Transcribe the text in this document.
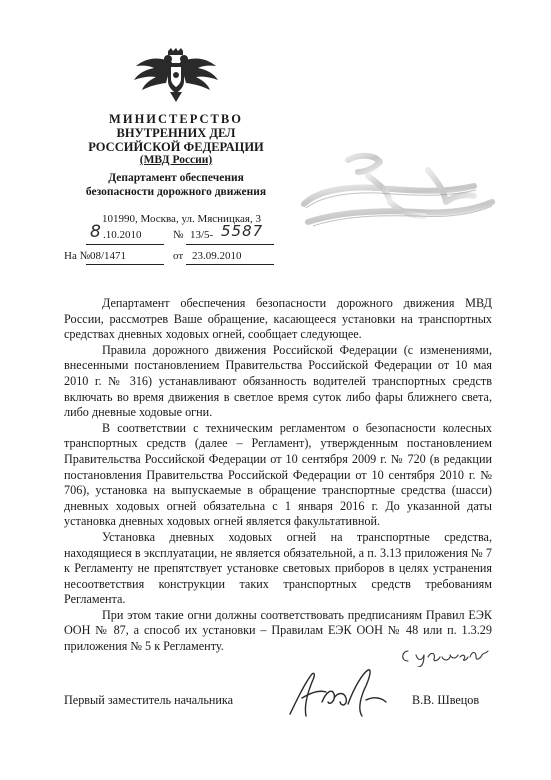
МИНИСТЕРСТВО
ВНУТРЕННИХ ДЕЛ
РОССИЙСКОЙ ФЕДЕРАЦИИ
(МВД России)
Департамент обеспечения
безопасности дорожного движения
101990, Москва, ул. Мясницкая, 3
8 .10.2010	№ 13/5- 5587
На № 08/1471	от 23.09.2010

Департамент обеспечения безопасности дорожного движения МВД России, рассмотрев Ваше обращение, касающееся установки на транспортных средствах дневных ходовых огней, сообщает следующее.

Правила дорожного движения Российской Федерации (с изменениями, внесенными постановлением Правительства Российской Федерации от 10 мая 2010 г. № 316) устанавливают обязанность водителей транспортных средств включать во время движения в светлое время суток либо фары ближнего света, либо дневные ходовые огни.

В соответствии с техническим регламентом о безопасности колесных транспортных средств (далее – Регламент), утвержденным постановлением Правительства Российской Федерации от 10 сентября 2009 г. № 720 (в редакции постановления Правительства Российской Федерации от 10 сентября 2010 г. № 706), установка на выпускаемые в обращение транспортные средства (шасси) дневных ходовых огней обязательна с 1 января 2016 г. До указанной даты установка дневных ходовых огней является факультативной.

Установка дневных ходовых огней на транспортные средства, находящиеся в эксплуатации, не является обязательной, а п. 3.13 приложения № 7 к Регламенту не препятствует установке световых приборов в целях устранения несоответствия конструкции таких транспортных средств требованиям Регламента.

При этом такие огни должны соответствовать предписаниям Правил ЕЭК ООН № 87, а способ их установки – Правилам ЕЭК ООН № 48 или п. 1.3.29 приложения № 5 к Регламенту.

Первый заместитель начальника	В.В. Швецов
